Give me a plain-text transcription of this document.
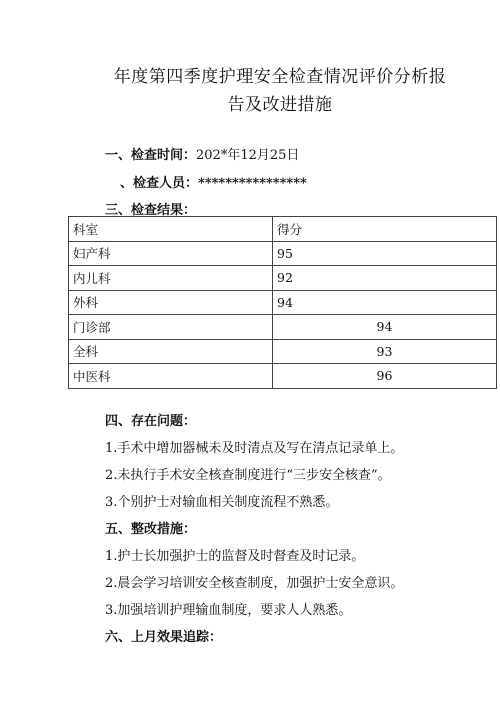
年度第四季度护理安全检查情况评价分析报
告及改进措施
一、检查时间：202*年12月25日
、检查人员：****************
三、检查结果：
科室	得分
妇产科	95
内儿科	92
外科	94
门诊部	94
全科	93
中医科	96
四、存在问题：
1.手术中增加器械未及时清点及写在清点记录单上。
2.未执行手术安全核查制度进行“三步安全核查”。
3.个别护士对输血相关制度流程不熟悉。
五、整改措施：
1.护士长加强护士的监督及时督查及时记录。
2.晨会学习培训安全核查制度，加强护士安全意识。
3.加强培训护理输血制度，要求人人熟悉。
六、上月效果追踪：
